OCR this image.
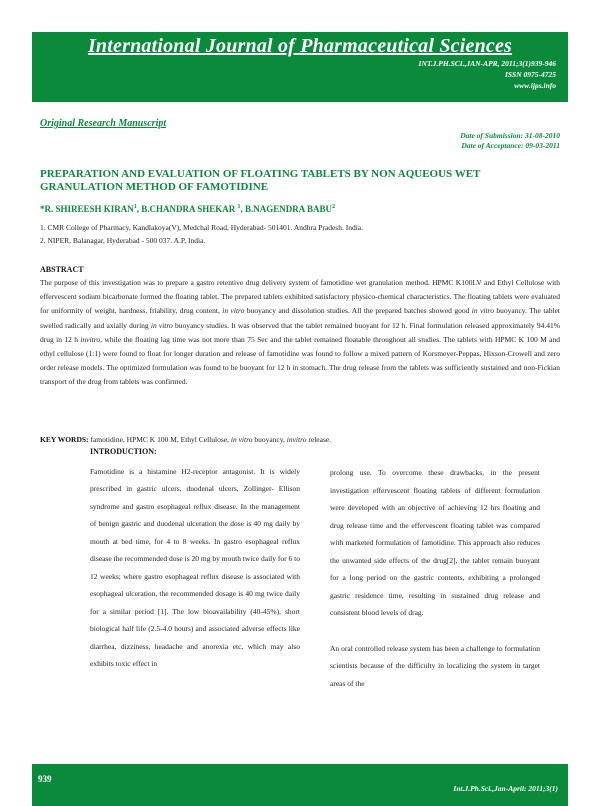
International Journal of Pharmaceutical Sciences
INT.J.PH.SCI.,JAN-APR, 2011;3(1)939-946
ISSN 0975-4725
www.ijps.info
Original Research Manuscript
Date of Submission: 31-08-2010
Date of Acceptance: 09-03-2011
PREPARATION AND EVALUATION OF FLOATING TABLETS BY NON AQUEOUS WET GRANULATION METHOD OF FAMOTIDINE
*R. SHIREESH KIRAN$^1$, B.CHANDRA SHEKAR $^1$, B.NAGENDRA BABU$^2$
1. CMR College of Pharmacy, Kandlakoya(V), Medchal Road, Hyderabad- 501401. Andhra Pradesh. India.
2. NIPER, Balanagar, Hyderabad - 500 037. A.P, India.
ABSTRACT
The purpose of this investigation was to prepare a gastro retentive drug delivery system of famotidine wet granulation method. HPMC K100LV and Ethyl Cellulose with effervescent sodium bicarbonate formed the floating tablet. The prepared tablets exhibited satisfactory physico-chemical characteristics. The floating tablets were evaluated for uniformity of weight, hardness, friability, drug content, in vitro buoyancy and dissolution studies. All the prepared batches showed good in vitro buoyancy. The tablet swelled radically and axially during in vitro buoyancy studies. It was observed that the tablet remained buoyant for 12 h. Final formulation released approximately 94.41% drug in 12 h invitro, while the floating lag time was not more than 75 Sec and the tablet remained floatable throughout all studies. The tablets with HPMC K 100 M and ethyl cellulose (1:1) were found to float for longer duration and release of famotidine was found to follow a mixed pattern of Korsmeyer-Peppas, Hixson-Crowell and zero order release models. The optimized formulation was found to be buoyant for 12 h in stomach. The drug release from the tablets was sufficiently sustained and non-Fickian transport of the drug from tablets was confirmed.
KEY WORDS: famotidine, HPMC K 100 M, Ethyl Cellulose, in vitro buoyancy, invitro release.
INTRODUCTION:

Famotidine is a histamine H2-receptor antagonist. It is widely prescribed in gastric ulcers, duodenal ulcers, Zollinger- Ellison syndrome and gastro esophageal reflux disease. In the management of benign gastric and duodenal ulceration the dose is 40 mg daily by mouth at bed time, for 4 to 8 weeks. In gastro esophageal reflux disease the recommended dose is 20 mg by mouth twice daily for 6 to 12 weeks; where gastro esophageal reflux disease is associated with esophageal ulceration, the recommended dosage is 40 mg twice daily for a similar period [1]. The low bioavailability (40-45%), short biological half life (2.5-4.0 hours) and associated adverse effects like diarrhea, dizziness, headache and anorexia etc, which may also exhibits toxic effect in

prolong use. To overcome these drawbacks, in the present investigation effervescent floating tablets of different formulation were developed with an objective of achieving 12 hrs floating and drug release time and the effervescent floating tablet was compared with marketed formulation of famotidine. This approach also reduces the unwanted side effects of the drug[2], the tablet remain buoyant for a long period on the gastric contents, exhibiting a prolonged gastric residence time, resulting in sustained drug release and consistent blood levels of drag.

An oral controlled release system has been a challenge to formulation scientists because of the difficulty in localizing the system in target areas of the

939
Int.J.Ph.Sci.,Jan-April: 2011;3(1)
